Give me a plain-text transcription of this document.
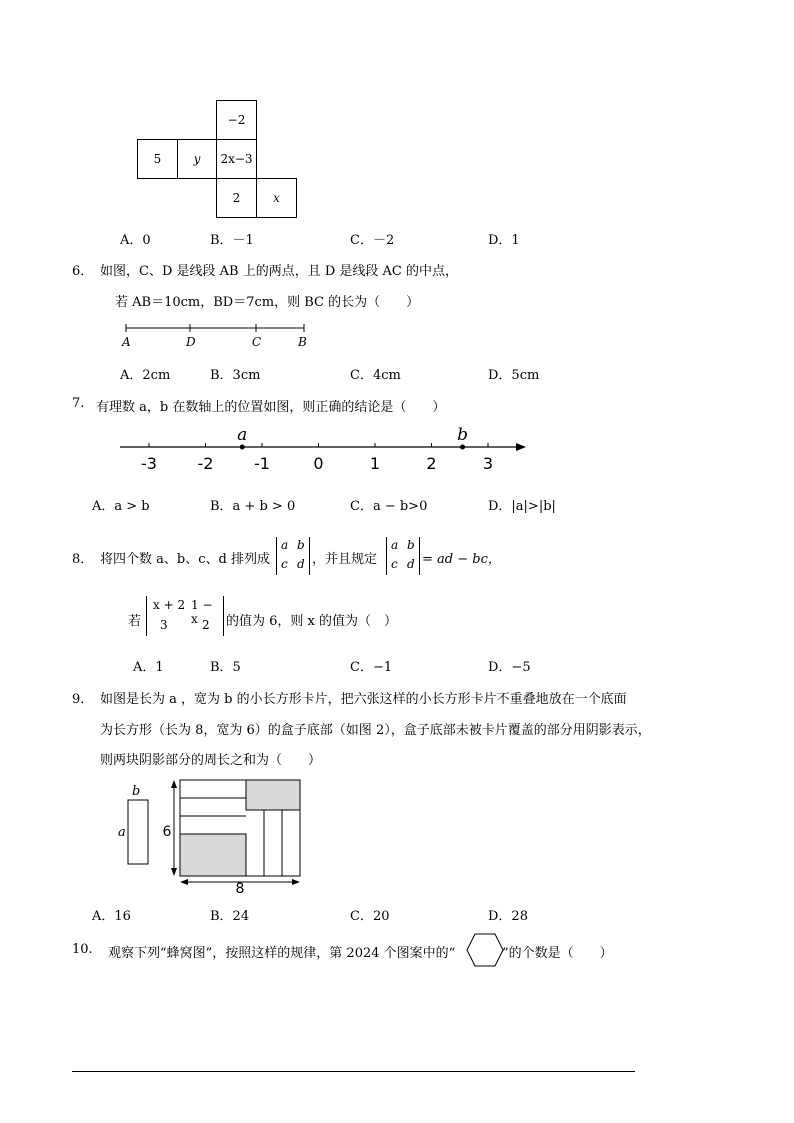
−2
5	y 2x−3
2	x
A．0	B．－1	C．－2	D．1
6． 如图，C、D 是线段 AB 上的两点，且 D 是线段 AC 的中点，
若 AB＝10cm，BD＝7cm，则 BC 的长为（　　）
A	D	C	B
A．2cm	B．3cm	C．4cm	D．5cm
7. 有理数 a，b 在数轴上的位置如图，则正确的结论是（　　）
-3	-2	-1	0	1	2	3
a	b
A．a > b	B．a + b > 0	C．a − b>0	D．|a|>|b|
8． 将四个数 a、b、c、d 排列成
a b
c d ，并且规定
a b
c d = ad − bc，
若
x + 2 1 − x
3	2 的值为 6，则 x 的值为（　）
A．1	B．5	C．−1	D．−5
9． 如图是长为 a ，宽为 b 的小长方形卡片，把六张这样的小长方形卡片不重叠地放在一个底面
为长方形（长为 8，宽为 6）的盒子底部（如图 2），盒子底部未被卡片覆盖的部分用阴影表示，
则两块阴影部分的周长之和为（　　）
b
a	6
8
A．16	B．24	C．20	D．28
10. 观察下列“蜂窝图”，按照这样的规律，第 2024 个图案中的“	”的个数是（　　）
